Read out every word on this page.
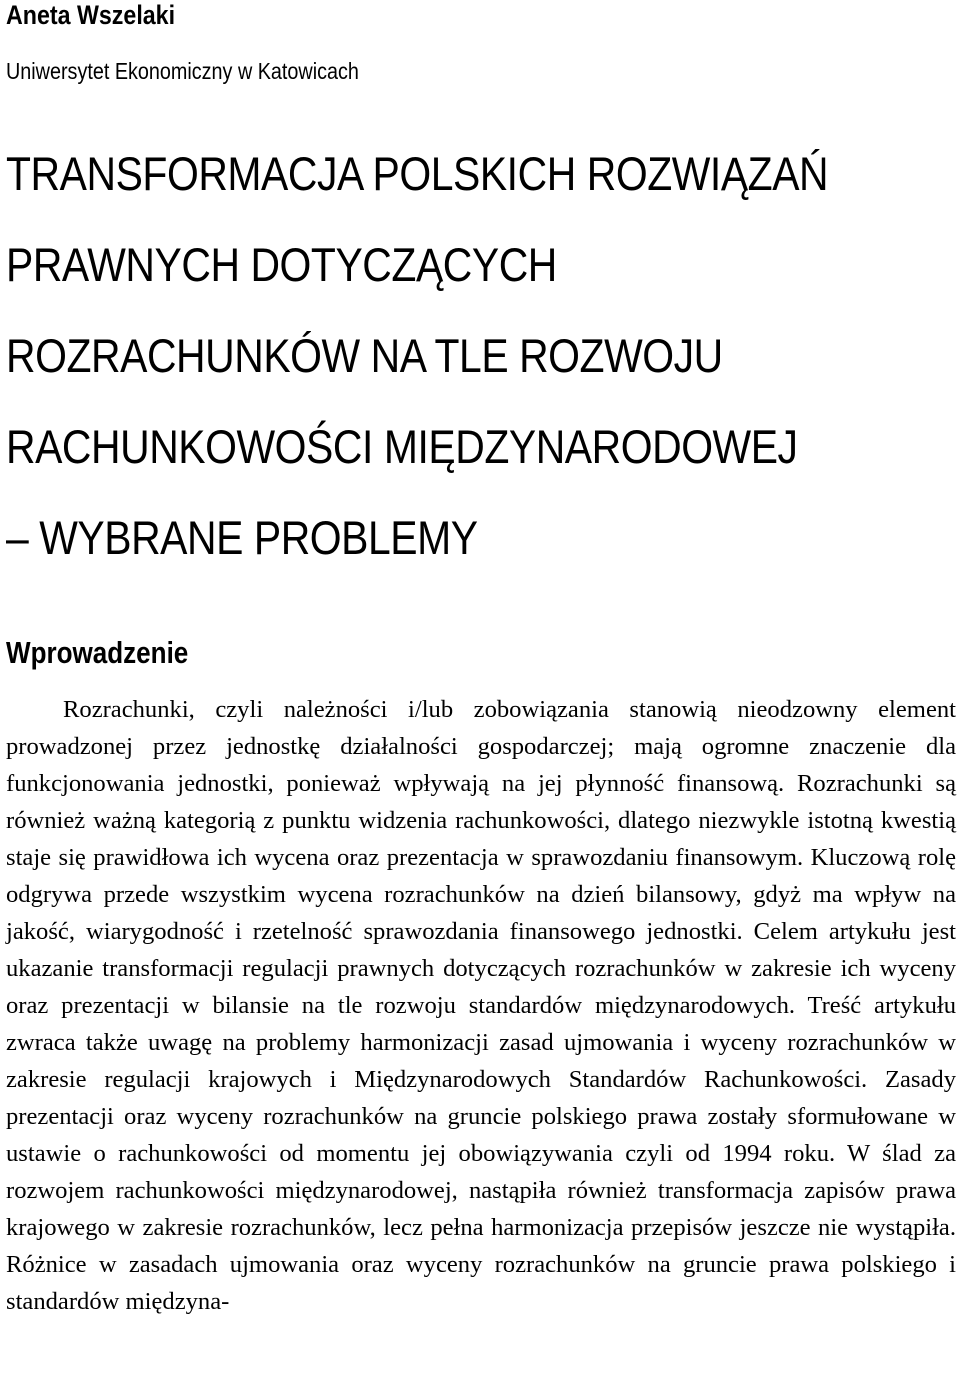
Aneta Wszelaki
Uniwersytet Ekonomiczny w Katowicach
TRANSFORMACJA POLSKICH ROZWIĄZAŃ
PRAWNYCH DOTYCZĄCYCH
ROZRACHUNKÓW NA TLE ROZWOJU
RACHUNKOWOŚCI MIĘDZYNARODOWEJ
– WYBRANE PROBLEMY
Wprowadzenie

Rozrachunki, czyli należności i/lub zobowiązania stanowią nieodzowny element prowadzonej przez jednostkę działalności gospodarczej; mają ogromne znaczenie dla funkcjonowania jednostki, ponieważ wpływają na jej płynność finansową. Rozrachunki są również ważną kategorią z punktu widzenia rachunkowości, dlatego niezwykle istotną kwestią staje się prawidłowa ich wycena oraz prezentacja w sprawozdaniu finansowym. Kluczową rolę odgrywa przede wszystkim wycena rozrachunków na dzień bilansowy, gdyż ma wpływ na jakość, wiarygodność i rzetelność sprawozdania finansowego jednostki. Celem artykułu jest ukazanie transformacji regulacji prawnych dotyczących rozrachunków w zakresie ich wyceny oraz prezentacji w bilansie na tle rozwoju standardów międzynarodowych. Treść artykułu zwraca także uwagę na problemy harmonizacji zasad ujmowania i wyceny rozrachunków w zakresie regulacji krajowych i Międzynarodowych Standardów Rachunkowości. Zasady prezentacji oraz wyceny rozrachunków na gruncie polskiego prawa zostały sformułowane w ustawie o rachunkowości od momentu jej obowiązywania czyli od 1994 roku. W ślad za rozwojem rachunkowości międzynarodowej, nastąpiła również transformacja zapisów prawa krajowego w zakresie rozrachunków, lecz pełna harmonizacja przepisów jeszcze nie wystąpiła. Różnice w zasadach ujmowania oraz wyceny rozrachunków na gruncie prawa polskiego i standardów międzyna-
